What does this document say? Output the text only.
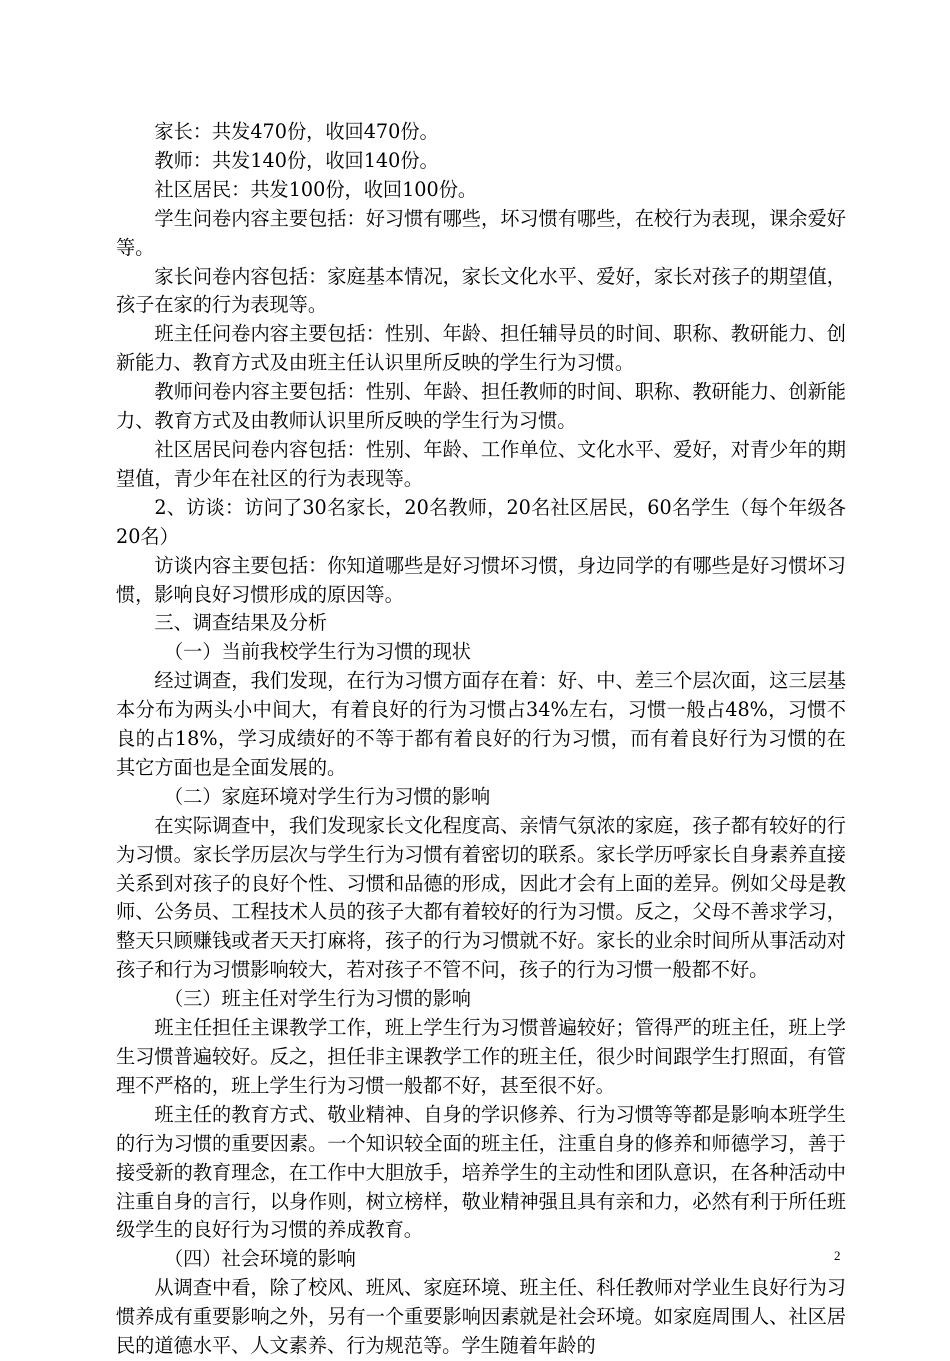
家长：共发470份，收回470份。

教师：共发140份，收回140份。

社区居民：共发100份，收回100份。

学生问卷内容主要包括：好习惯有哪些，坏习惯有哪些，在校行为表现，课余爱好等。

家长问卷内容包括：家庭基本情况，家长文化水平、爱好，家长对孩子的期望值，孩子在家的行为表现等。

班主任问卷内容主要包括：性别、年龄、担任辅导员的时间、职称、教研能力、创新能力、教育方式及由班主任认识里所反映的学生行为习惯。

教师问卷内容主要包括：性别、年龄、担任教师的时间、职称、教研能力、创新能力、教育方式及由教师认识里所反映的学生行为习惯。

社区居民问卷内容包括：性别、年龄、工作单位、文化水平、爱好，对青少年的期望值，青少年在社区的行为表现等。

2、访谈：访问了30名家长，20名教师，20名社区居民，60名学生（每个年级各20名）

访谈内容主要包括：你知道哪些是好习惯坏习惯，身边同学的有哪些是好习惯坏习惯，影响良好习惯形成的原因等。

三、调查结果及分析

（一）当前我校学生行为习惯的现状

经过调查，我们发现，在行为习惯方面存在着：好、中、差三个层次面，这三层基本分布为两头小中间大，有着良好的行为习惯占34%左右，习惯一般占48%，习惯不良的占18%，学习成绩好的不等于都有着良好的行为习惯，而有着良好行为习惯的在其它方面也是全面发展的。

（二）家庭环境对学生行为习惯的影响

在实际调查中，我们发现家长文化程度高、亲情气氛浓的家庭，孩子都有较好的行为习惯。家长学历层次与学生行为习惯有着密切的联系。家长学历呼家长自身素养直接关系到对孩子的良好个性、习惯和品德的形成，因此才会有上面的差异。例如父母是教师、公务员、工程技术人员的孩子大都有着较好的行为习惯。反之，父母不善求学习，整天只顾赚钱或者天天打麻将，孩子的行为习惯就不好。家长的业余时间所从事活动对孩子和行为习惯影响较大，若对孩子不管不问，孩子的行为习惯一般都不好。

（三）班主任对学生行为习惯的影响

班主任担任主课教学工作，班上学生行为习惯普遍较好；管得严的班主任，班上学生习惯普遍较好。反之，担任非主课教学工作的班主任，很少时间跟学生打照面，有管理不严格的，班上学生行为习惯一般都不好，甚至很不好。

班主任的教育方式、敬业精神、自身的学识修养、行为习惯等等都是影响本班学生的行为习惯的重要因素。一个知识较全面的班主任，注重自身的修养和师德学习，善于接受新的教育理念，在工作中大胆放手，培养学生的主动性和团队意识，在各种活动中注重自身的言行，以身作则，树立榜样，敬业精神强且具有亲和力，必然有利于所任班级学生的良好行为习惯的养成教育。

（四）社会环境的影响

从调查中看，除了校风、班风、家庭环境、班主任、科任教师对学业生良好行为习惯养成有重要影响之外，另有一个重要影响因素就是社会环境。如家庭周围人、社区居民的道德水平、人文素养、行为规范等。学生随着年龄的

2
